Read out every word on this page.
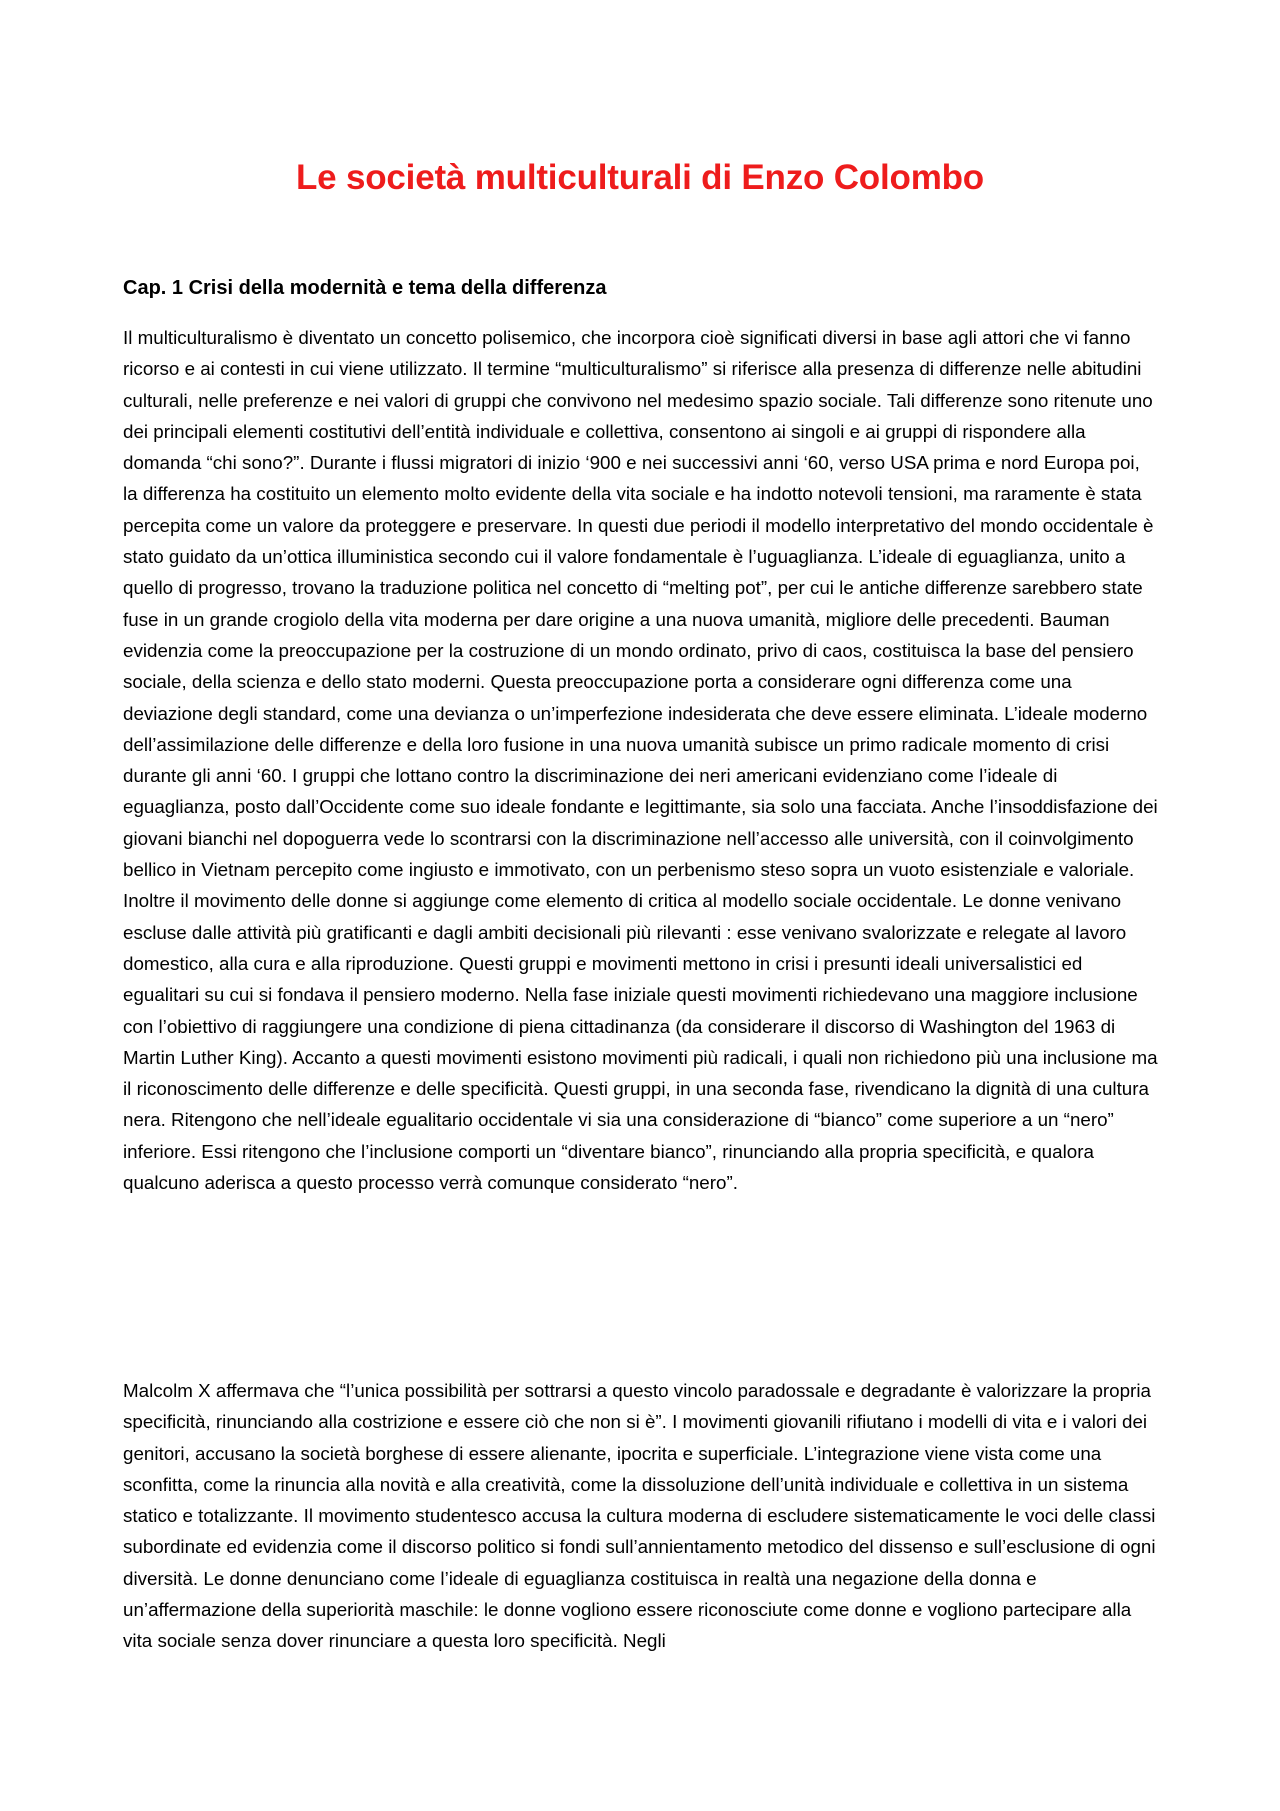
Le società multiculturali di Enzo Colombo
Cap. 1 Crisi della modernità e tema della differenza

Il multiculturalismo è diventato un concetto polisemico, che incorpora cioè significati diversi in base agli attori che vi fanno ricorso e ai contesti in cui viene utilizzato. Il termine “multiculturalismo” si riferisce alla presenza di differenze nelle abitudini culturali, nelle preferenze e nei valori di gruppi che convivono nel medesimo spazio sociale. Tali differenze sono ritenute uno dei principali elementi costitutivi dell’entità individuale e collettiva, consentono ai singoli e ai gruppi di rispondere alla domanda “chi sono?”. Durante i flussi migratori di inizio ‘900 e nei successivi anni ‘60, verso USA prima e nord Europa poi, la differenza ha costituito un elemento molto evidente della vita sociale e ha indotto notevoli tensioni, ma raramente è stata percepita come un valore da proteggere e preservare. In questi due periodi il modello interpretativo del mondo occidentale è stato guidato da un’ottica illuministica secondo cui il valore fondamentale è l’uguaglianza. L’ideale di eguaglianza, unito a quello di progresso, trovano la traduzione politica nel concetto di “melting pot”, per cui le antiche differenze sarebbero state fuse in un grande crogiolo della vita moderna per dare origine a una nuova umanità, migliore delle precedenti. Bauman evidenzia come la preoccupazione per la costruzione di un mondo ordinato, privo di caos, costituisca la base del pensiero sociale, della scienza e dello stato moderni. Questa preoccupazione porta a considerare ogni differenza come una deviazione degli standard, come una devianza o un’imperfezione indesiderata che deve essere eliminata. L’ideale moderno dell’assimilazione delle differenze e della loro fusione in una nuova umanità subisce un primo radicale momento di crisi durante gli anni ‘60. I gruppi che lottano contro la discriminazione dei neri americani evidenziano come l’ideale di eguaglianza, posto dall’Occidente come suo ideale fondante e legittimante, sia solo una facciata. Anche l’insoddisfazione dei giovani bianchi nel dopoguerra vede lo scontrarsi con la discriminazione nell’accesso alle università, con il coinvolgimento bellico in Vietnam percepito come ingiusto e immotivato, con un perbenismo steso sopra un vuoto esistenziale e valoriale. Inoltre il movimento delle donne si aggiunge come elemento di critica al modello sociale occidentale. Le donne venivano escluse dalle attività più gratificanti e dagli ambiti decisionali più rilevanti : esse venivano svalorizzate e relegate al lavoro domestico, alla cura e alla riproduzione. Questi gruppi e movimenti mettono in crisi i presunti ideali universalistici ed egualitari su cui si fondava il pensiero moderno. Nella fase iniziale questi movimenti richiedevano una maggiore inclusione con l’obiettivo di raggiungere una condizione di piena cittadinanza (da considerare il discorso di Washington del 1963 di Martin Luther King). Accanto a questi movimenti esistono movimenti più radicali, i quali non richiedono più una inclusione ma il riconoscimento delle differenze e delle specificità. Questi gruppi, in una seconda fase, rivendicano la dignità di una cultura nera. Ritengono che nell’ideale egualitario occidentale vi sia una considerazione di “bianco” come superiore a un “nero” inferiore. Essi ritengono che l’inclusione comporti un “diventare bianco”, rinunciando alla propria specificità, e qualora qualcuno aderisca a questo processo verrà comunque considerato “nero”.

Malcolm X affermava che “l’unica possibilità per sottrarsi a questo vincolo paradossale e degradante è valorizzare la propria specificità, rinunciando alla costrizione e essere ciò che non si è”. I movimenti giovanili rifiutano i modelli di vita e i valori dei genitori, accusano la società borghese di essere alienante, ipocrita e superficiale. L’integrazione viene vista come una sconfitta, come la rinuncia alla novità e alla creatività, come la dissoluzione dell’unità individuale e collettiva in un sistema statico e totalizzante. Il movimento studentesco accusa la cultura moderna di escludere sistematicamente le voci delle classi subordinate ed evidenzia come il discorso politico si fondi sull’annientamento metodico del dissenso e sull’esclusione di ogni diversità. Le donne denunciano come l’ideale di eguaglianza costituisca in realtà una negazione della donna e un’affermazione della superiorità maschile: le donne vogliono essere riconosciute come donne e vogliono partecipare alla vita sociale senza dover rinunciare a questa loro specificità. Negli
